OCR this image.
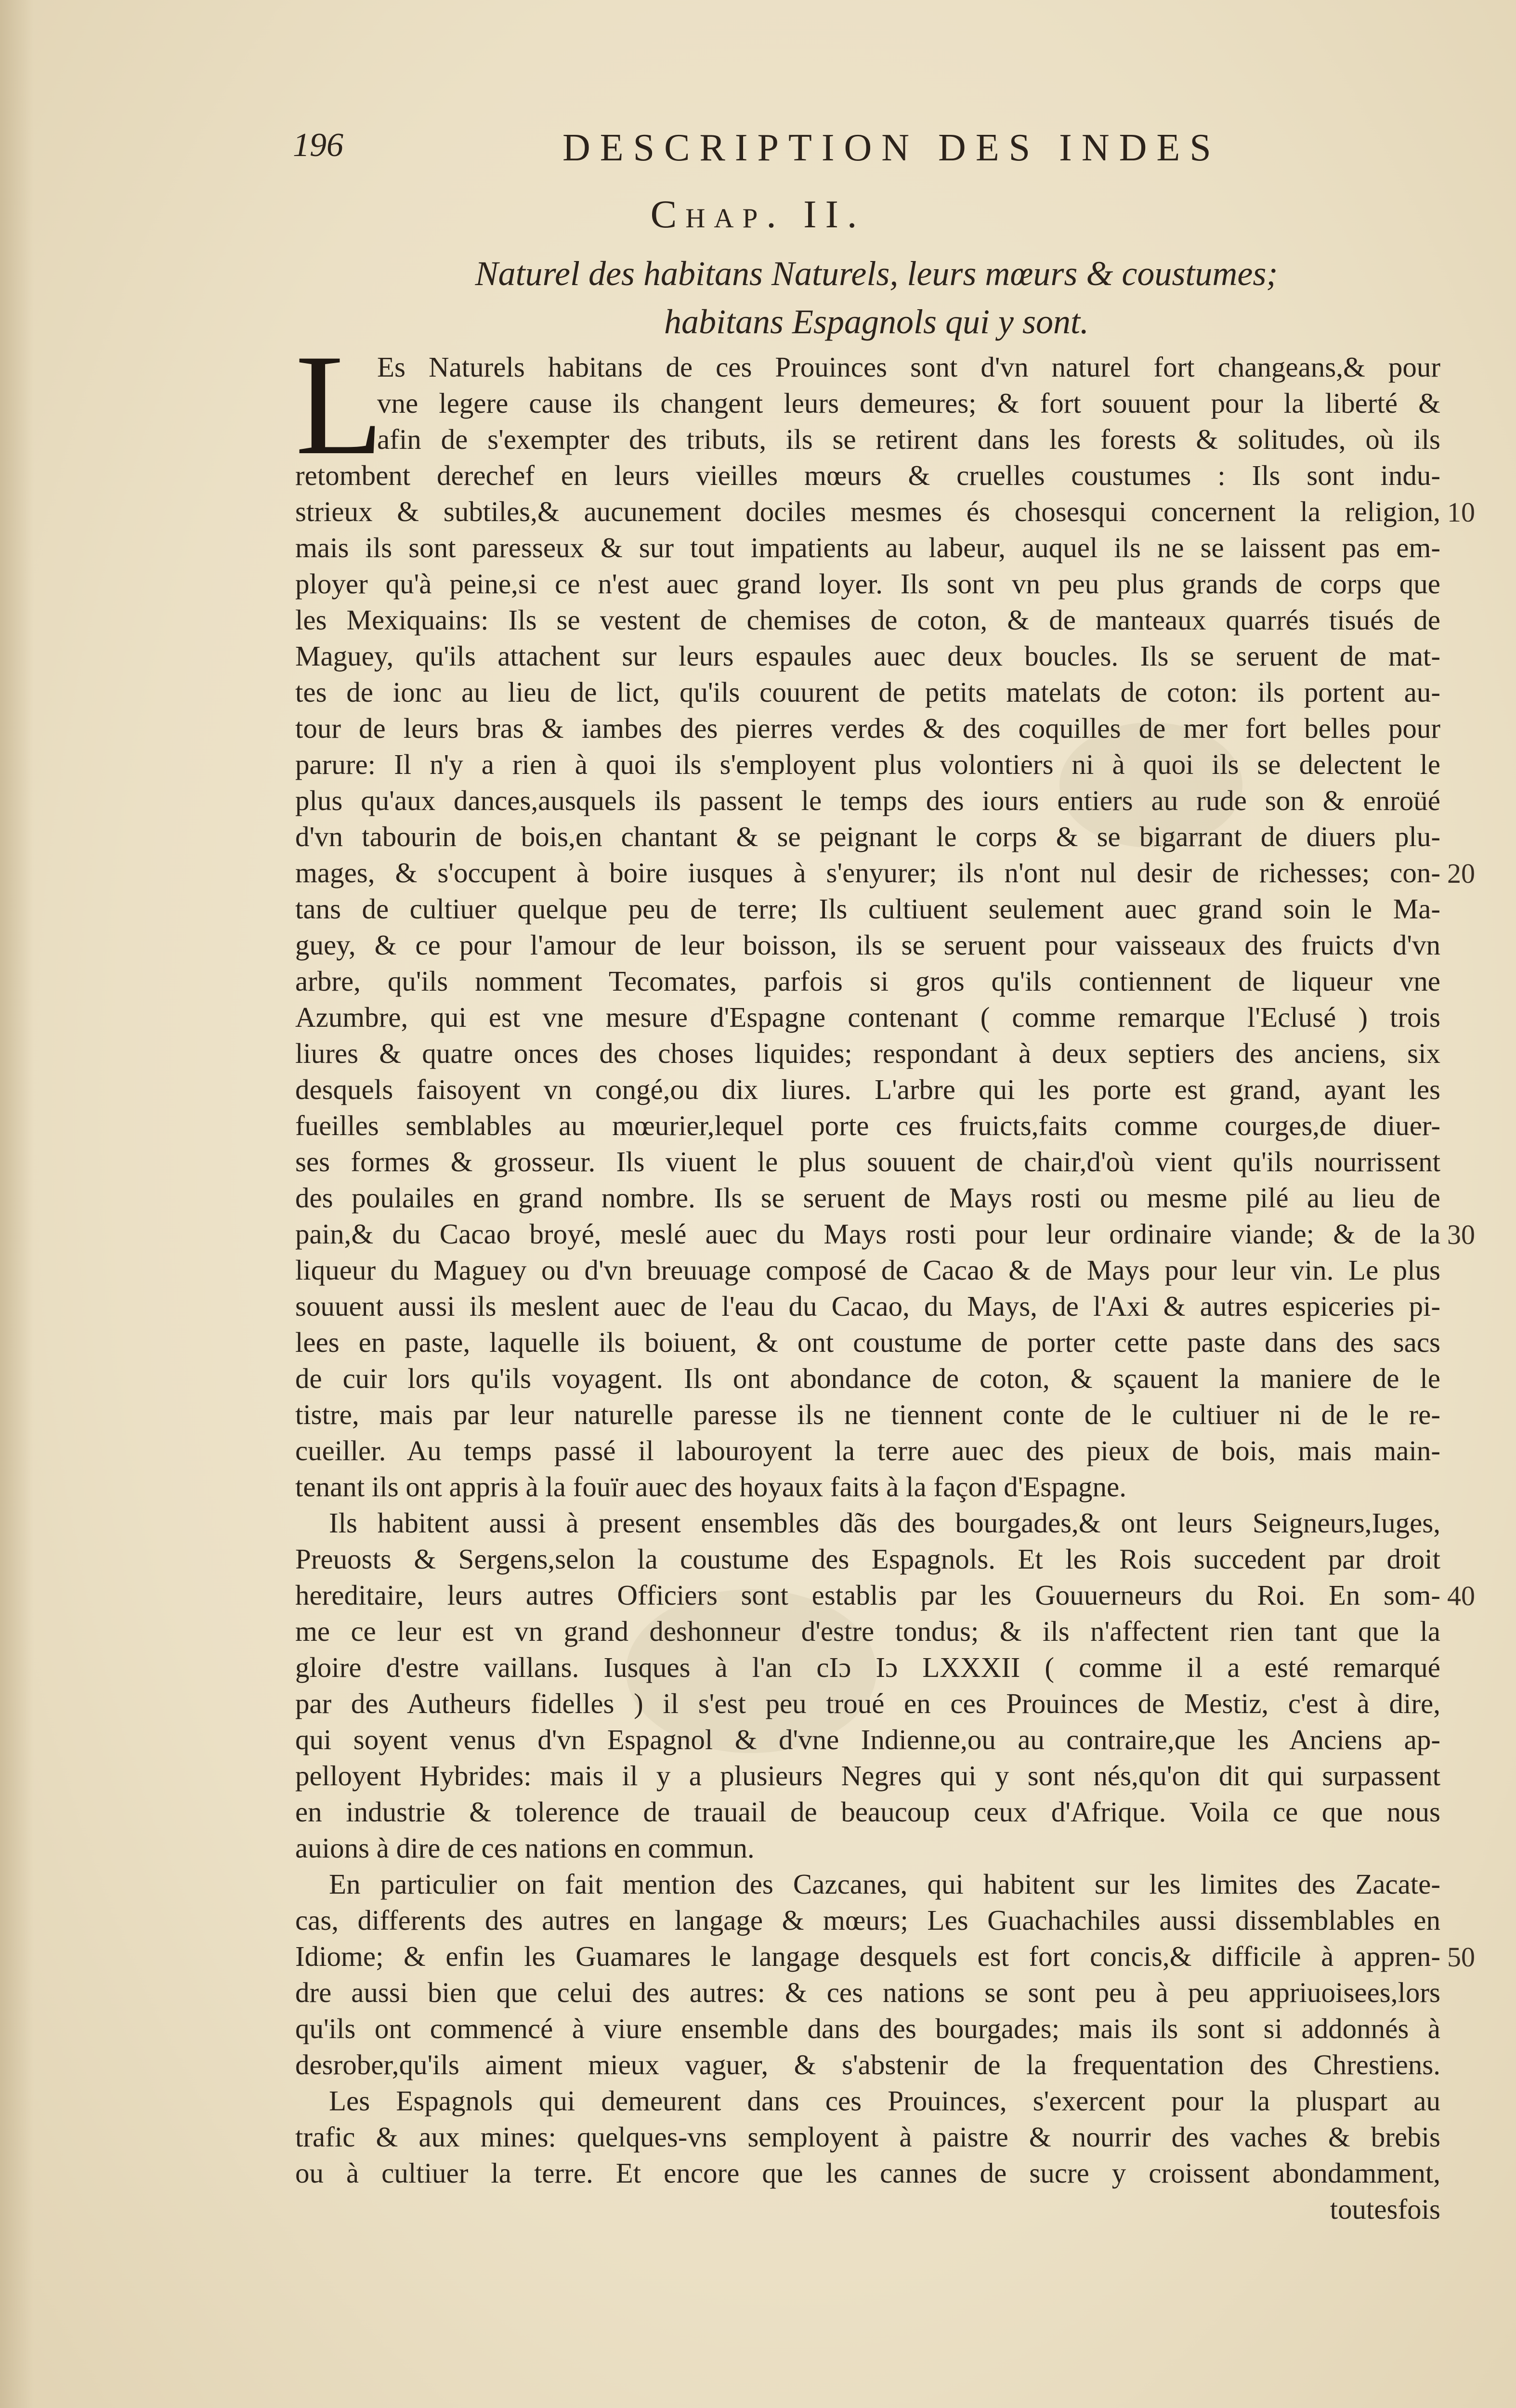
196	DESCRIPTION DES INDES
Chap. II.
Naturel des habitans Naturels, leurs mœurs & coustumes;
habitans Espagnols qui y sont.
L
Es Naturels habitans de ces Prouinces sont d'vn naturel fort changeans,& pour
vne legere cause ils changent leurs demeures; & fort souuent pour la liberté &
afin de s'exempter des tributs, ils se retirent dans les forests & solitudes, où ils
retombent derechef en leurs vieilles mœurs & cruelles coustumes : Ils sont indu-
strieux & subtiles,& aucunement dociles mesmes és chosesqui concernent la religion,
mais ils sont paresseux & sur tout impatients au labeur, auquel ils ne se laissent pas em-
ployer qu'à peine,si ce n'est auec grand loyer. Ils sont vn peu plus grands de corps que
les Mexiquains: Ils se vestent de chemises de coton, & de manteaux quarrés tisués de
Maguey, qu'ils attachent sur leurs espaules auec deux boucles. Ils se seruent de mat-
tes de ionc au lieu de lict, qu'ils couurent de petits matelats de coton: ils portent au-
tour de leurs bras & iambes des pierres verdes & des coquilles de mer fort belles pour
parure: Il n'y a rien à quoi ils s'employent plus volontiers ni à quoi ils se delectent le
plus qu'aux dances,ausquels ils passent le temps des iours entiers au rude son & enroüé
d'vn tabourin de bois,en chantant & se peignant le corps & se bigarrant de diuers plu-
mages, & s'occupent à boire iusques à s'enyurer; ils n'ont nul desir de richesses; con-
tans de cultiuer quelque peu de terre; Ils cultiuent seulement auec grand soin le Ma-
guey, & ce pour l'amour de leur boisson, ils se seruent pour vaisseaux des fruicts d'vn
arbre, qu'ils nomment Tecomates, parfois si gros qu'ils contiennent de liqueur vne
Azumbre, qui est vne mesure d'Espagne contenant ( comme remarque l'Eclusé ) trois
liures & quatre onces des choses liquides; respondant à deux septiers des anciens, six
desquels faisoyent vn congé,ou dix liures. L'arbre qui les porte est grand, ayant les
fueilles semblables au mœurier,lequel porte ces fruicts,faits comme courges,de diuer-
ses formes & grosseur. Ils viuent le plus souuent de chair,d'où vient qu'ils nourrissent
des poulailes en grand nombre. Ils se seruent de Mays rosti ou mesme pilé au lieu de
pain,& du Cacao broyé, meslé auec du Mays rosti pour leur ordinaire viande; & de la
liqueur du Maguey ou d'vn breuuage composé de Cacao & de Mays pour leur vin. Le plus
souuent aussi ils meslent auec de l'eau du Cacao, du Mays, de l'Axi & autres espiceries pi-
lees en paste, laquelle ils boiuent, & ont coustume de porter cette paste dans des sacs
de cuir lors qu'ils voyagent. Ils ont abondance de coton, & sçauent la maniere de le
tistre, mais par leur naturelle paresse ils ne tiennent conte de le cultiuer ni de le re-
cueiller. Au temps passé il labouroyent la terre auec des pieux de bois, mais main-
tenant ils ont appris à la fouïr auec des hoyaux faits à la façon d'Espagne.
Ils habitent aussi à present ensembles dãs des bourgades,& ont leurs Seigneurs,Iuges,
Preuosts & Sergens,selon la coustume des Espagnols. Et les Rois succedent par droit
hereditaire, leurs autres Officiers sont establis par les Gouuerneurs du Roi. En som-
me ce leur est vn grand deshonneur d'estre tondus; & ils n'affectent rien tant que la
gloire d'estre vaillans. Iusques à l'an cIɔ Iɔ LXXXII ( comme il a esté remarqué
par des Autheurs fidelles ) il s'est peu troué en ces Prouinces de Mestiz, c'est à dire,
qui soyent venus d'vn Espagnol & d'vne Indienne,ou au contraire,que les Anciens ap-
pelloyent Hybrides: mais il y a plusieurs Negres qui y sont nés,qu'on dit qui surpassent
en industrie & tolerence de trauail de beaucoup ceux d'Afrique. Voila ce que nous
auions à dire de ces nations en commun.
En particulier on fait mention des Cazcanes, qui habitent sur les limites des Zacate-
cas, differents des autres en langage & mœurs; Les Guachachiles aussi dissemblables en
Idiome; & enfin les Guamares le langage desquels est fort concis,& difficile à appren-
dre aussi bien que celui des autres: & ces nations se sont peu à peu appriuoisees,lors
qu'ils ont commencé à viure ensemble dans des bourgades; mais ils sont si addonnés à
desrober,qu'ils aiment mieux vaguer, & s'abstenir de la frequentation des Chrestiens.
Les Espagnols qui demeurent dans ces Prouinces, s'exercent pour la pluspart au
trafic & aux mines: quelques-vns semployent à paistre & nourrir des vaches & brebis
ou à cultiuer la terre. Et encore que les cannes de sucre y croissent abondamment,
toutesfois
10
20
30
40
50
